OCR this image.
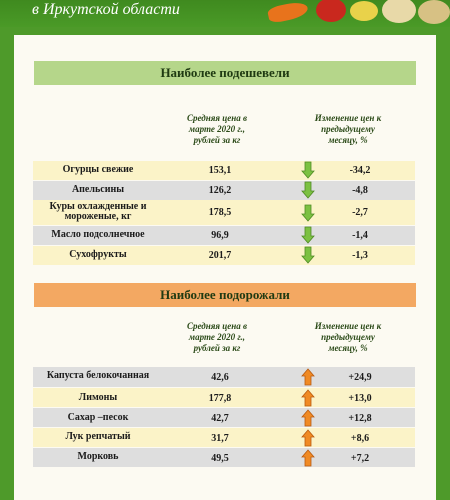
в Иркутской области
Наиболее подешевели
Средняя цена в марте 2020 г., рублей за кг
Изменение цен к предыдущему месяцу, %
Огурцы свежие	153,1	-34,2
Апельсины	126,2	-4,8
Куры охлажденные и мороженые, кг	178,5	-2,7
Масло подсолнечное	96,9	-1,4
Сухофрукты	201,7	-1,3
Наиболее подорожали
Средняя цена в марте 2020 г., рублей за кг
Изменение цен к предыдущему месяцу, %
Капуста белокочанная	42,6	+24,9
Лимоны	177,8	+13,0
Сахар –песок	42,7	+12,8
Лук репчатый	31,7	+8,6
Морковь	49,5	+7,2
